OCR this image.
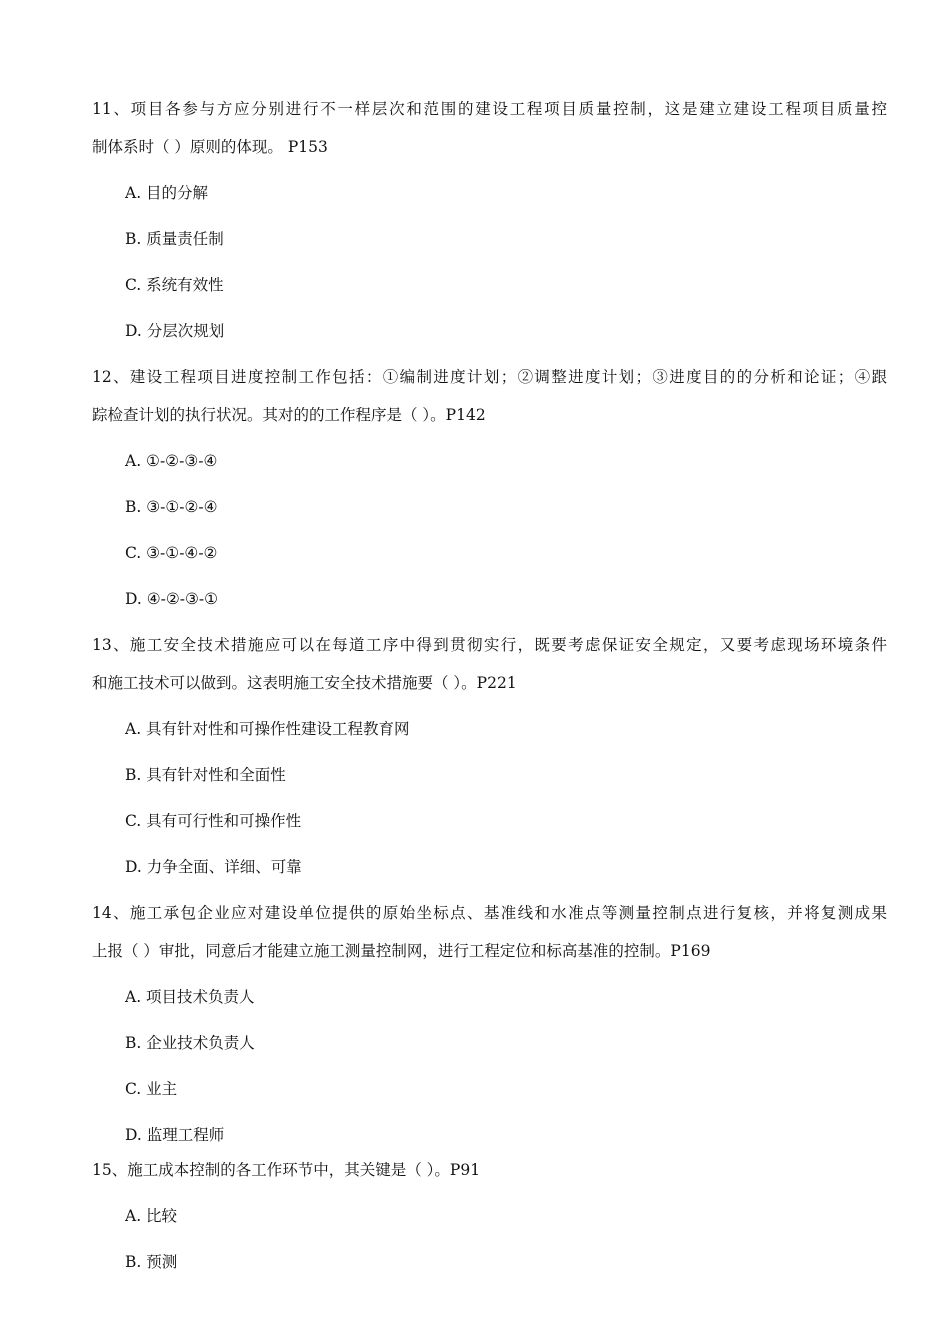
11、项目各参与方应分别进行不一样层次和范围的建设工程项目质量控制，这是建立建设工程项目质量控
制体系时（ ）原则的体现。 P153
A. 目的分解
B. 质量责任制
C. 系统有效性
D. 分层次规划
12、建设工程项目进度控制工作包括：①编制进度计划；②调整进度计划；③进度目的的分析和论证；④跟
踪检查计划的执行状况。其对的的工作程序是（ ）。P142
A. ①-②-③-④
B. ③-①-②-④
C. ③-①-④-②
D. ④-②-③-①
13、施工安全技术措施应可以在每道工序中得到贯彻实行，既要考虑保证安全规定，又要考虑现场环境条件
和施工技术可以做到。这表明施工安全技术措施要（ ）。P221
A. 具有针对性和可操作性建设工程教育网
B. 具有针对性和全面性
C. 具有可行性和可操作性
D. 力争全面、详细、可靠
14、施工承包企业应对建设单位提供的原始坐标点、基准线和水准点等测量控制点进行复核，并将复测成果
上报（ ）审批，同意后才能建立施工测量控制网，进行工程定位和标高基准的控制。P169
A. 项目技术负责人
B. 企业技术负责人
C. 业主
D. 监理工程师
15、施工成本控制的各工作环节中，其关键是（ ）。P91
A. 比较
B. 预测
